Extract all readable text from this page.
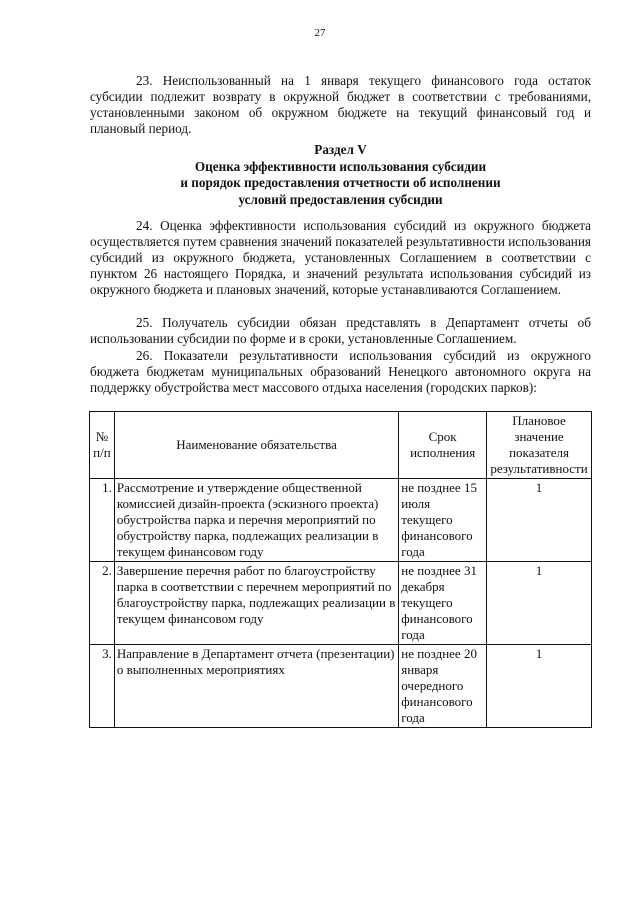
27

23. Неиспользованный на 1 января текущего финансового года остаток субсидии подлежит возврату в окружной бюджет в соответствии с требованиями, установленными законом об окружном бюджете на текущий финансовый год и плановый период.

Раздел V
Оценка эффективности использования субсидии
и порядок предоставления отчетности об исполнении
условий предоставления субсидии

24. Оценка эффективности использования субсидий из окружного бюджета осуществляется путем сравнения значений показателей результативности использования субсидий из окружного бюджета, установленных Соглашением в соответствии с пунктом 26 настоящего Порядка, и значений результата использования субсидий из окружного бюджета и плановых значений, которые устанавливаются Соглашением.

25. Получатель субсидии обязан представлять в Департамент отчеты об использовании субсидии по форме и в сроки, установленные Соглашением.

26. Показатели результативности использования субсидий из окружного бюджета бюджетам муниципальных образований Ненецкого автономного округа на поддержку обустройства мест массового отдыха населения (городских парков):

№ п/п	Наименование обязательства	Срок исполнения	Плановое значение показателя результативности
1.	Рассмотрение и утверждение общественной комиссией дизайн-проекта (эскизного проекта) обустройства парка и перечня мероприятий по обустройству парка, подлежащих реализации в текущем финансовом году	не позднее 15 июля текущего финансового года	1
2.	Завершение перечня работ по благоустройству парка в соответствии с перечнем мероприятий по благоустройству парка, подлежащих реализации в текущем финансовом году	не позднее 31 декабря текущего финансового года	1
3.	Направление в Департамент отчета (презентации) о выполненных мероприятиях	не позднее 20 января очередного финансового года	1
